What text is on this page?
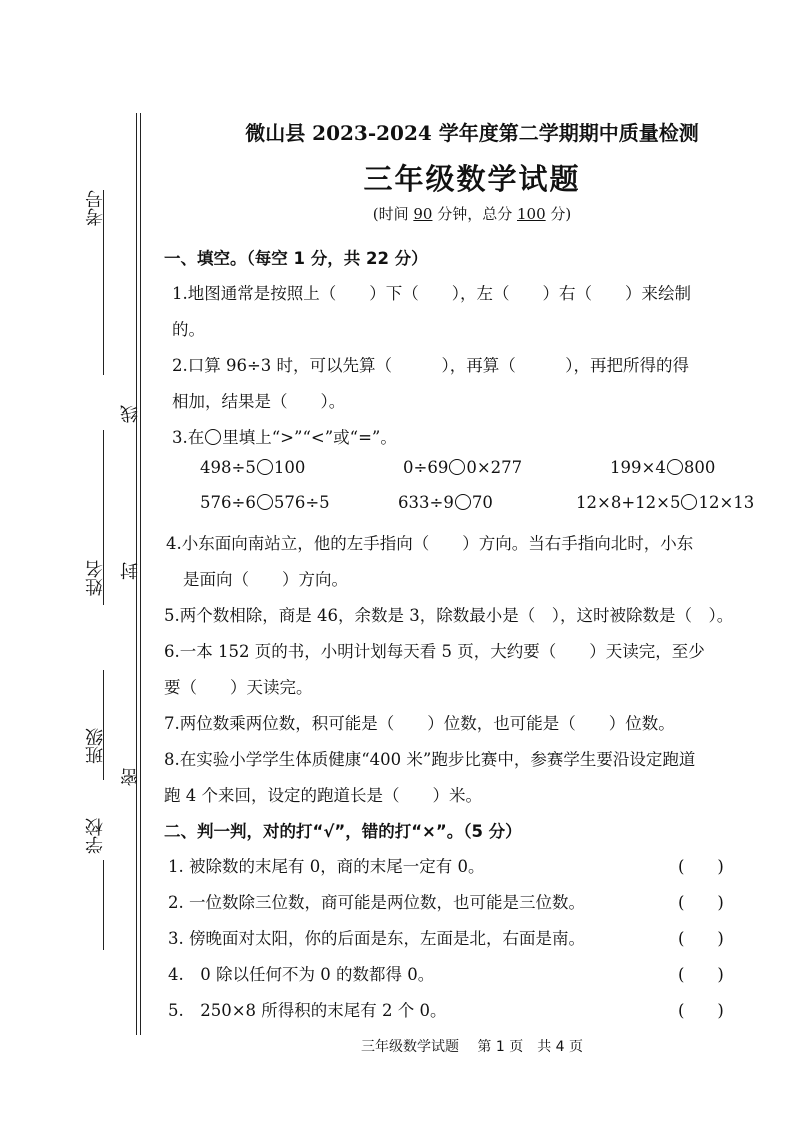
考号
姓名
班级
学校
线
封
密
微山县 2023-2024 学年度第二学期期中质量检测
三年级数学试题
(时间 90 分钟，总分 100 分)
一、填空。（每空 1 分，共 22 分）
1.地图通常是按照上（　　）下（　　），左（　　）右（　　）来绘制
的。
2.口算 96÷3 时，可以先算（　　　），再算（　　　），再把所得的得
相加，结果是（　　）。
3.在 里填上“>”“<”或“=”。
498÷5 100	0÷69 0×277	199×4 800
576÷6 576÷5	633÷9 70	12×8+12×5 12×13
4.小东面向南站立，他的左手指向（　　）方向。当右手指向北时，小东
是面向（　　）方向。
5.两个数相除，商是 46，余数是 3，除数最小是（　），这时被除数是（　）。
6.一本 152 页的书，小明计划每天看 5 页，大约要（　　）天读完，至少
要（　　）天读完。
7.两位数乘两位数，积可能是（　　）位数，也可能是（　　）位数。
8.在实验小学学生体质健康“400 米”跑步比赛中，参赛学生要沿设定跑道
跑 4 个来回，设定的跑道长是（　　）米。
二、判一判，对的打“√”，错的打“×”。（5 分）
1. 被除数的末尾有 0，商的末尾一定有 0。	(　　)
2. 一位数除三位数，商可能是两位数，也可能是三位数。	(　　)
3. 傍晚面对太阳，你的后面是东，左面是北，右面是南。	(　　)
4.　0 除以任何不为 0 的数都得 0。	(　　)
5.　250×8 所得积的末尾有 2 个 0。	(　　)
三年级数学试题　 第 1 页　共 4 页
